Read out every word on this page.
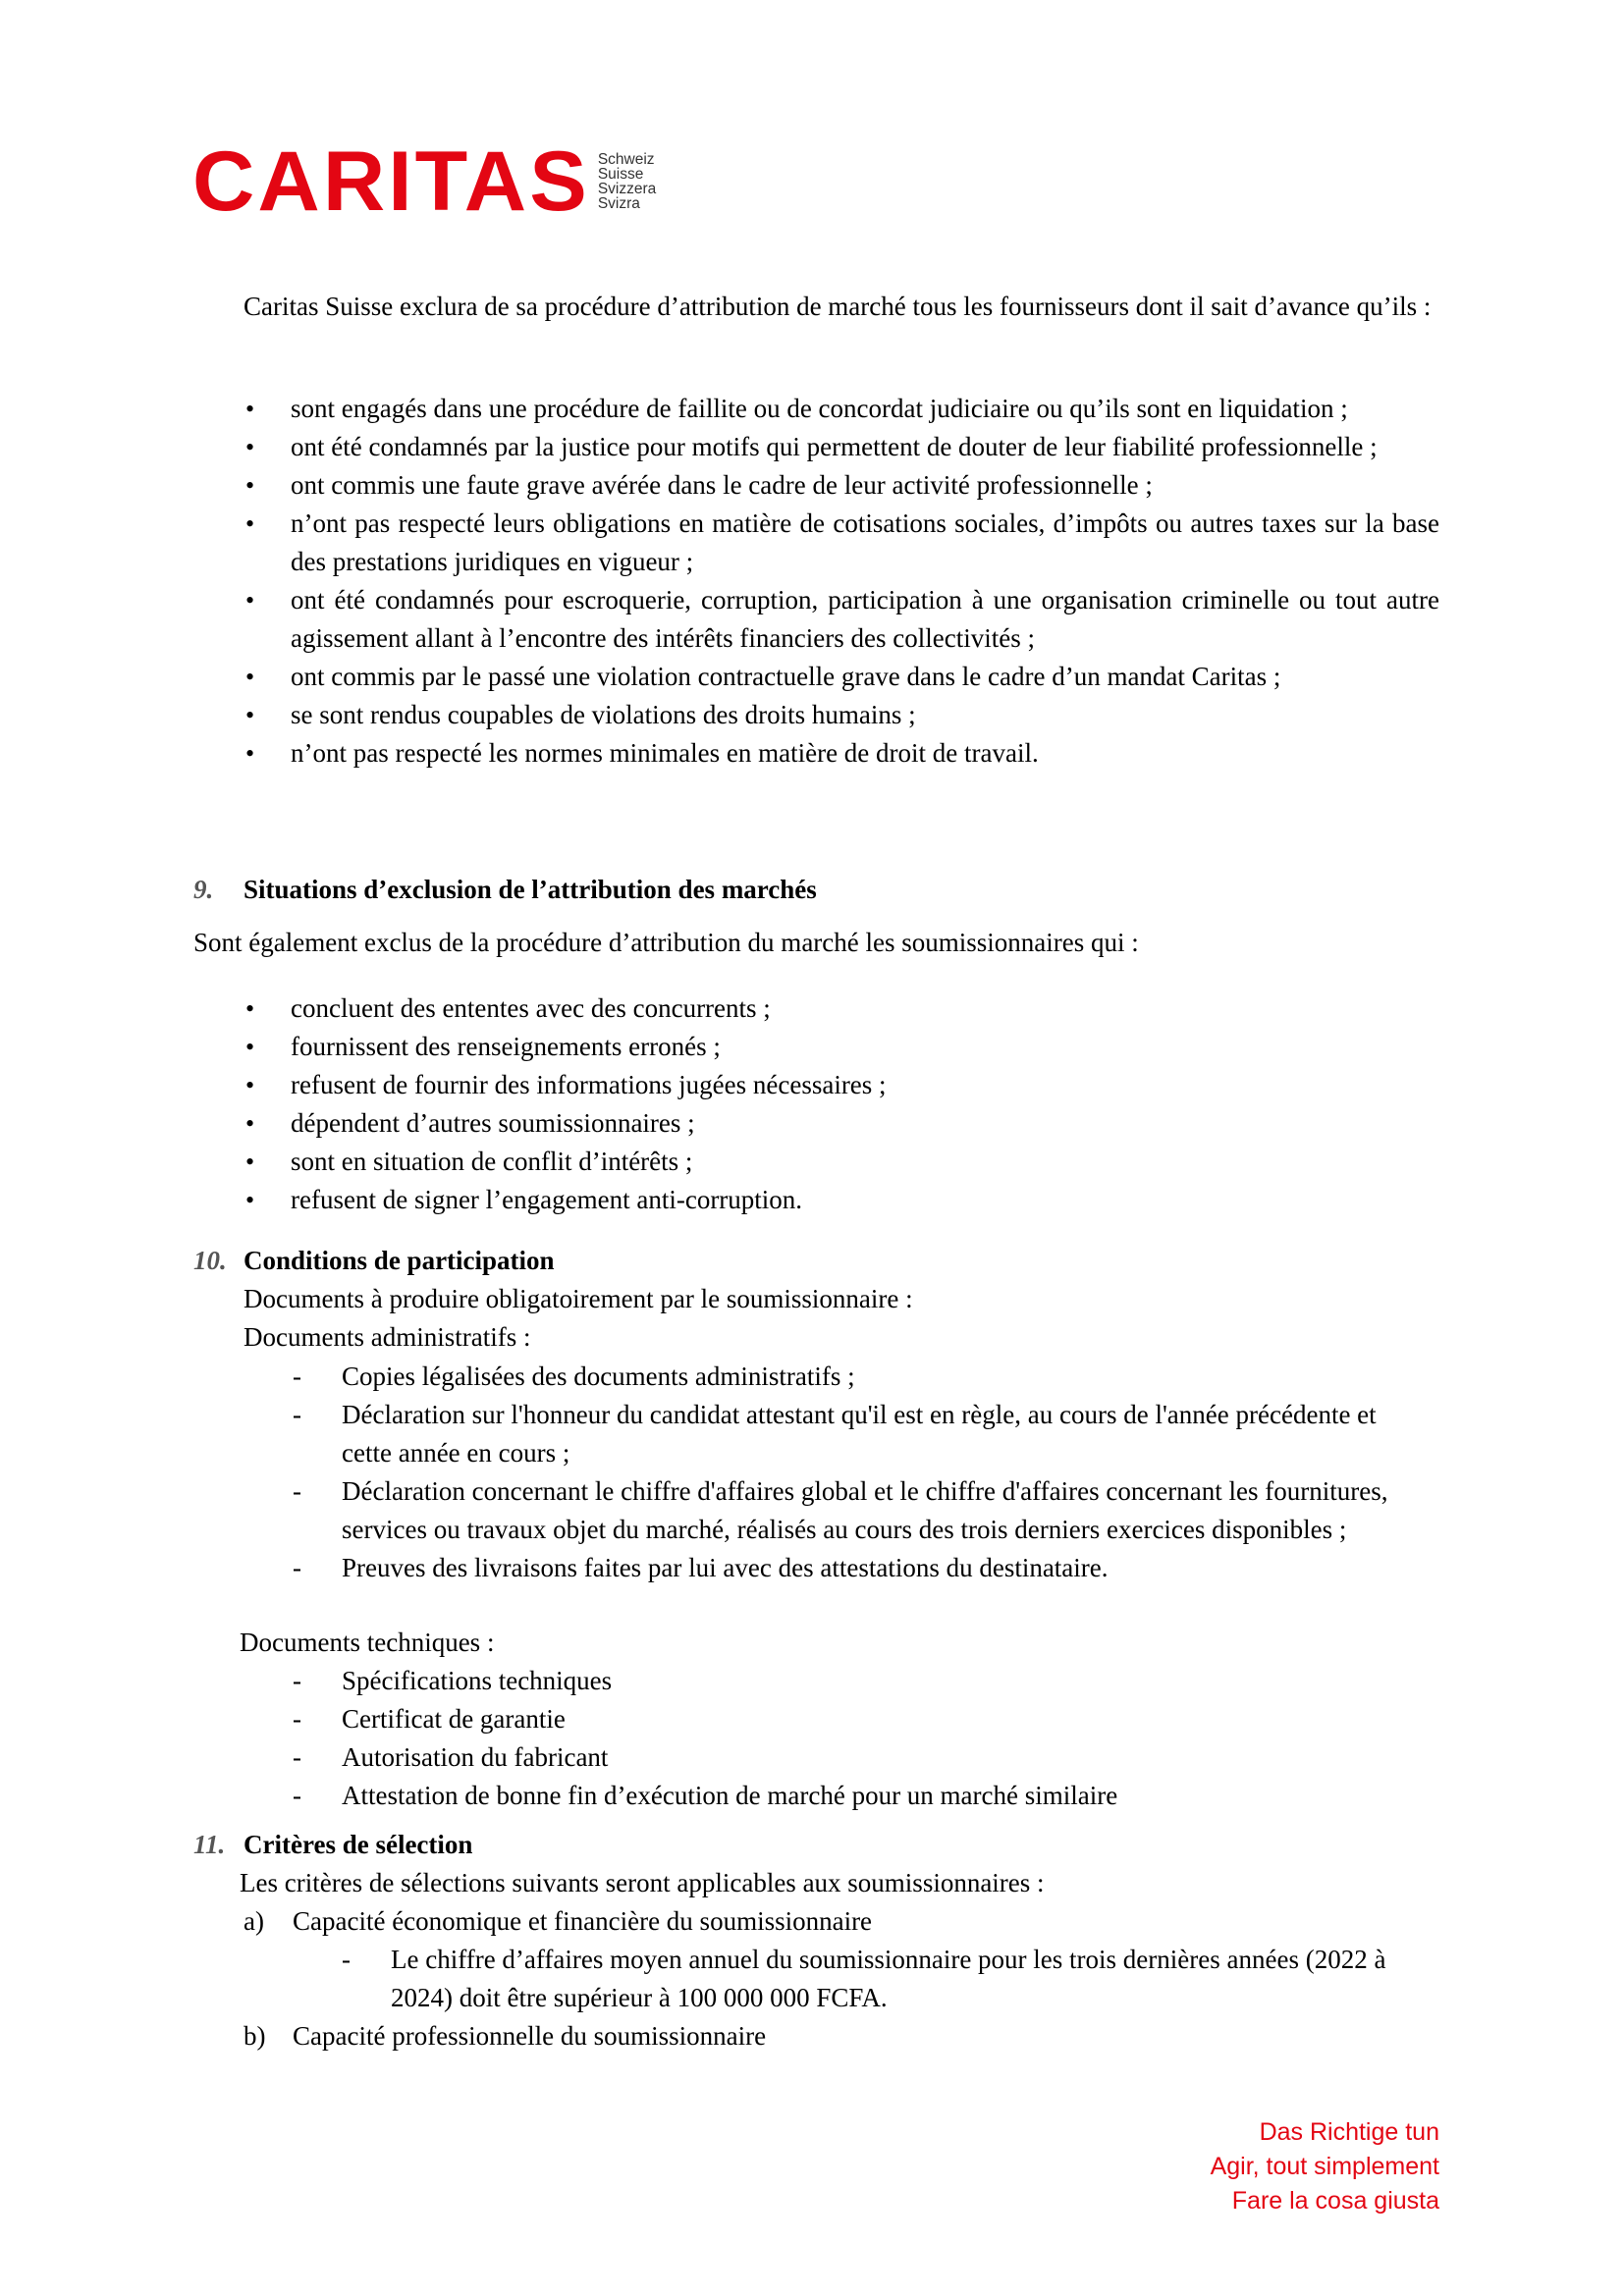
CARITAS Schweiz
Suisse
Svizzera
Svizra

Caritas Suisse exclura de sa procédure d’attribution de marché tous les fournisseurs dont il sait d’avance qu’ils :

• sont engagés dans une procédure de faillite ou de concordat judiciaire ou qu’ils sont en liquidation ;
• ont été condamnés par la justice pour motifs qui permettent de douter de leur fiabilité professionnelle ;
• ont commis une faute grave avérée dans le cadre de leur activité professionnelle ;
• n’ont pas respecté leurs obligations en matière de cotisations sociales, d’impôts ou autres taxes sur la base des prestations juridiques en vigueur ;
• ont été condamnés pour escroquerie, corruption, participation à une organisation criminelle ou tout autre agissement allant à l’encontre des intérêts financiers des collectivités ;
• ont commis par le passé une violation contractuelle grave dans le cadre d’un mandat Caritas ;
• se sont rendus coupables de violations des droits humains ;
• n’ont pas respecté les normes minimales en matière de droit de travail.
9. Situations d’exclusion de l’attribution des marchés

Sont également exclus de la procédure d’attribution du marché les soumissionnaires qui :

• concluent des ententes avec des concurrents ;
• fournissent des renseignements erronés ;
• refusent de fournir des informations jugées nécessaires ;
• dépendent d’autres soumissionnaires ;
• sont en situation de conflit d’intérêts ;
• refusent de signer l’engagement anti-corruption.
10. Conditions de participation
Documents à produire obligatoirement par le soumissionnaire :
Documents administratifs :
- Copies légalisées des documents administratifs ;
- Déclaration sur l'honneur du candidat attestant qu'il est en règle, au cours de l'année précédente et cette année en cours ;
- Déclaration concernant le chiffre d'affaires global et le chiffre d'affaires concernant les fournitures, services ou travaux objet du marché, réalisés au cours des trois derniers exercices disponibles ;
- Preuves des livraisons faites par lui avec des attestations du destinataire.
Documents techniques :
- Spécifications techniques
- Certificat de garantie
- Autorisation du fabricant
- Attestation de bonne fin d’exécution de marché pour un marché similaire
11. Critères de sélection
Les critères de sélections suivants seront applicables aux soumissionnaires :
a) Capacité économique et financière du soumissionnaire
- Le chiffre d’affaires moyen annuel du soumissionnaire pour les trois dernières années (2022 à 2024) doit être supérieur à 100 000 000 FCFA.
b) Capacité professionnelle du soumissionnaire
Das Richtige tun
Agir, tout simplement
Fare la cosa giusta
